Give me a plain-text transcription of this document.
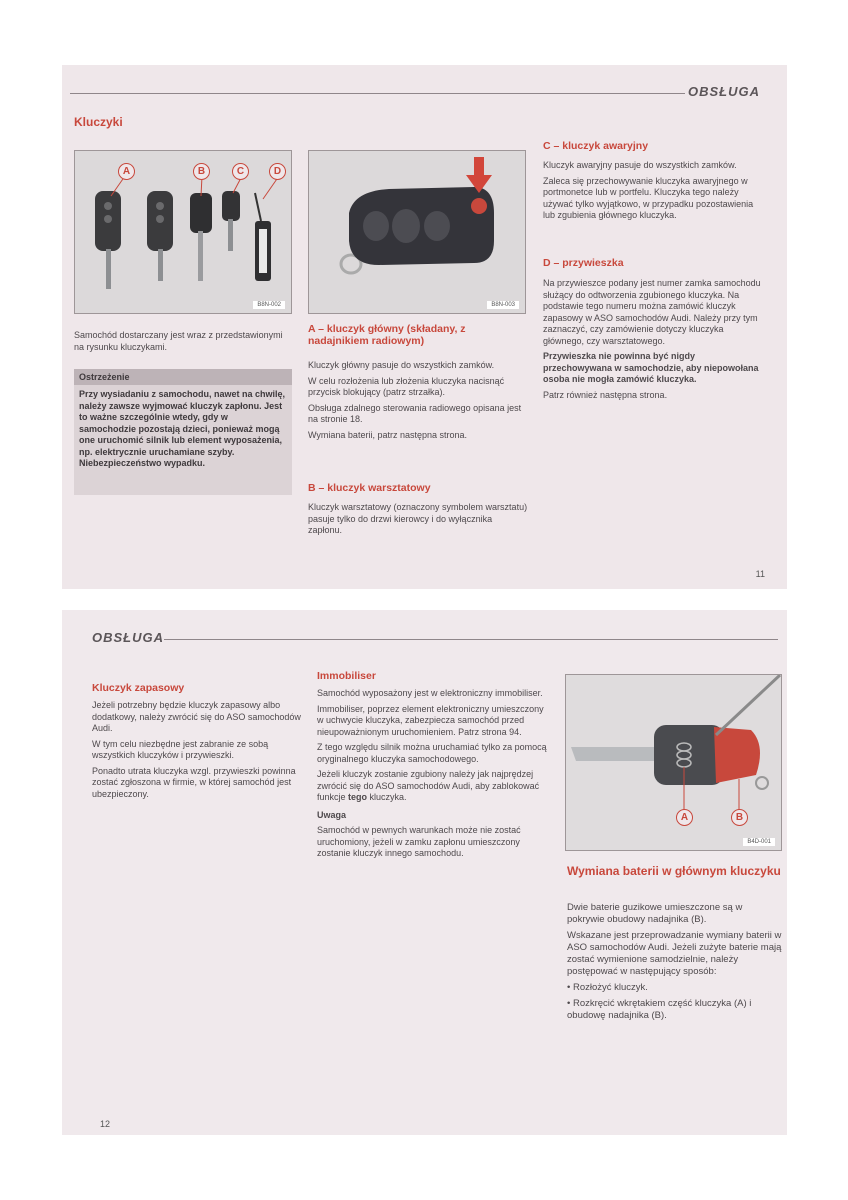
OBSŁUGA
Kluczyki
A	B	C	D
B8N-002	B8N-003

Samochód dostarczany jest wraz z przedstawionymi na rysunku kluczykami.

Ostrzeżenie
Przy wysiadaniu z samochodu, nawet na chwilę, należy zawsze wyjmować kluczyk zapłonu. Jest to ważne szczególnie wtedy, gdy w samochodzie pozostają dzieci, ponieważ mogą one uruchomić silnik lub element wyposażenia, np. elektrycznie uruchamiane szyby. Niebezpieczeństwo wypadku.
A – kluczyk główny (składany, z nadajnikiem radiowym)

Kluczyk główny pasuje do wszystkich zamków.

W celu rozłożenia lub złożenia kluczyka nacisnąć przycisk blokujący (patrz strzałka).

Obsługa zdalnego sterowania radiowego opisana jest na stronie 18.

Wymiana baterii, patrz następna strona.

B – kluczyk warsztatowy

Kluczyk warsztatowy (oznaczony symbolem warsztatu) pasuje tylko do drzwi kierowcy i do wyłącznika zapłonu.

C – kluczyk awaryjny

Kluczyk awaryjny pasuje do wszystkich zamków.

Zaleca się przechowywanie kluczyka awaryjnego w portmonetce lub w portfelu. Kluczyka tego należy używać tylko wyjątkowo, w przypadku pozostawienia lub zgubienia głównego kluczyka.

D – przywieszka

Na przywieszce podany jest numer zamka samochodu służący do odtworzenia zgubionego kluczyka. Na podstawie tego numeru można zamówić kluczyk zapasowy w ASO samochodów Audi. Należy przy tym zaznaczyć, czy zamówienie dotyczy kluczyka głównego, czy warsztatowego.

Przywieszka nie powinna być nigdy przechowywana w samochodzie, aby niepowołana osoba nie mogła zamówić kluczyka.

Patrz również następna strona.

11
OBSŁUGA
Kluczyk zapasowy

Jeżeli potrzebny będzie kluczyk zapasowy albo dodatkowy, należy zwrócić się do ASO samochodów Audi.

W tym celu niezbędne jest zabranie ze sobą wszystkich kluczyków i przywieszki.

Ponadto utrata kluczyka wzgl. przywieszki powinna zostać zgłoszona w firmie, w której samochód jest ubezpieczony.

Immobiliser

Samochód wyposażony jest w elektroniczny immobiliser.

Immobiliser, poprzez element elektroniczny umieszczony w uchwycie kluczyka, zabezpiecza samochód przed nieupoważnionym uruchomieniem. Patrz strona 94.

Z tego względu silnik można uruchamiać tylko za pomocą oryginalnego kluczyka samochodowego.

Jeżeli kluczyk zostanie zgubiony należy jak najprędzej zwrócić się do ASO samochodów Audi, aby zablokować funkcje tego kluczyka.

Uwaga

Samochód w pewnych warunkach może nie zostać uruchomiony, jeżeli w zamku zapłonu umieszczony zostanie kluczyk innego samochodu.

A	B
B4D-001
Wymiana baterii w głównym kluczyku

Dwie baterie guzikowe umieszczone są w pokrywie obudowy nadajnika (B).

Wskazane jest przeprowadzanie wymiany baterii w ASO samochodów Audi. Jeżeli zużyte baterie mają zostać wymienione samodzielnie, należy postępować w następujący sposób:

• Rozłożyć kluczyk.

• Rozkręcić wkrętakiem część kluczyka (A) i obudowę nadajnika (B).

12
